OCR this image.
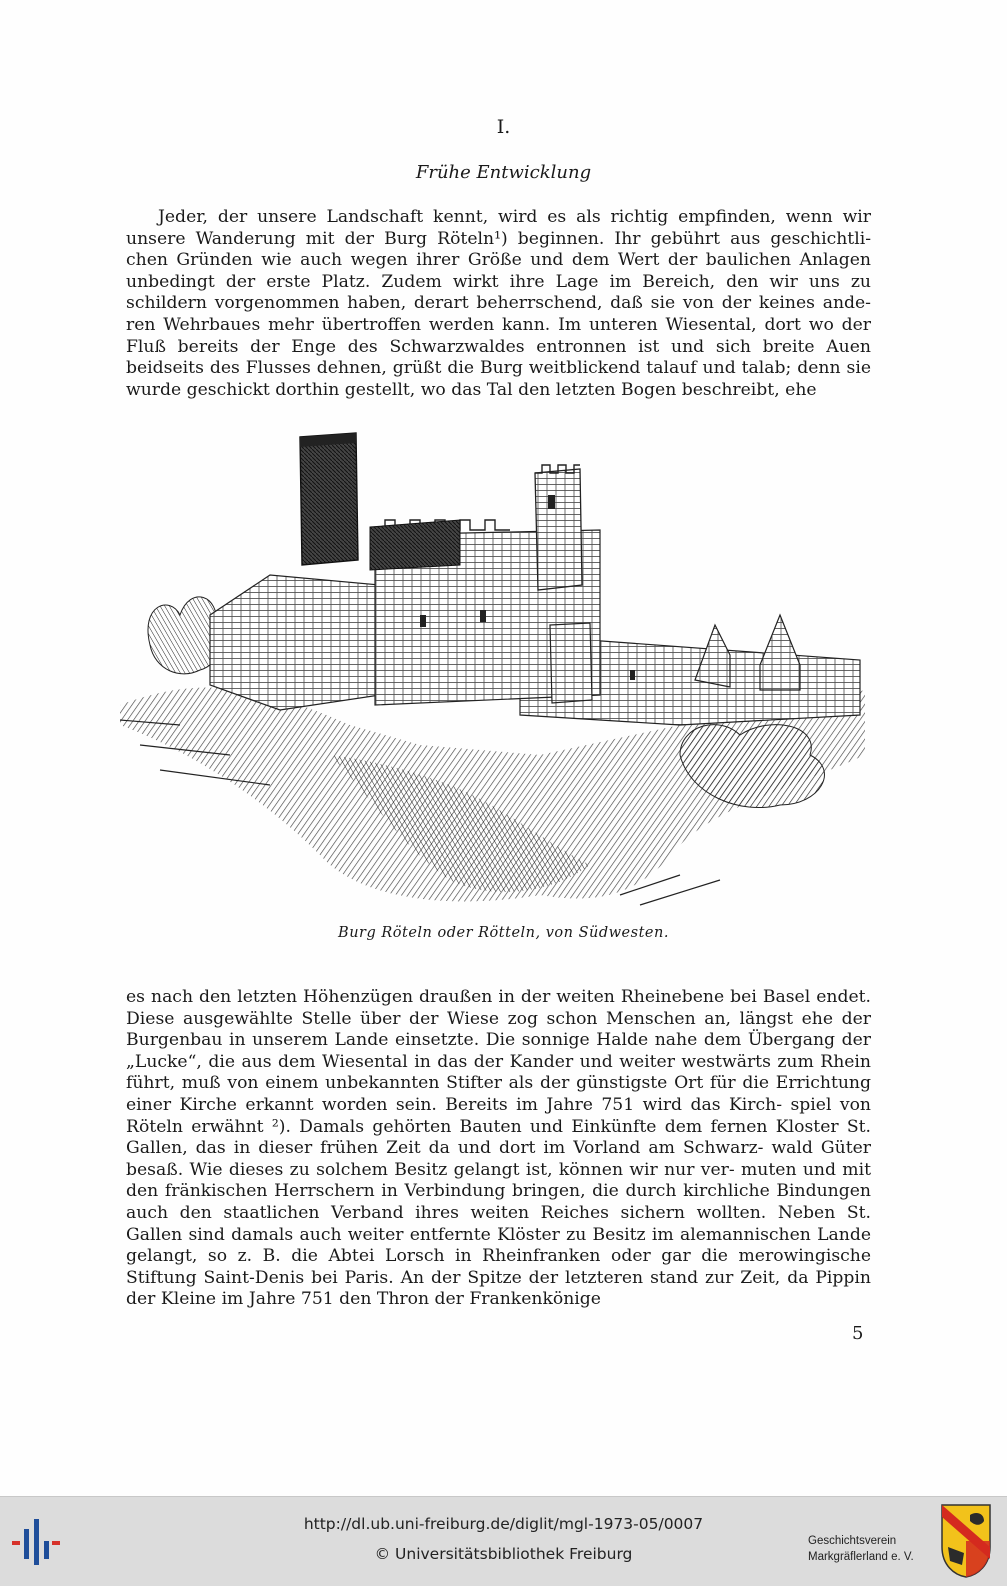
I.
Frühe Entwicklung

Jeder, der unsere Landschaft kennt, wird es als richtig empfinden, wenn wir unsere Wanderung mit der Burg Röteln¹) beginnen. Ihr gebührt aus geschichtli- chen Gründen wie auch wegen ihrer Größe und dem Wert der baulichen Anlagen unbedingt der erste Platz. Zudem wirkt ihre Lage im Bereich, den wir uns zu schildern vorgenommen haben, derart beherrschend, daß sie von der keines ande- ren Wehrbaues mehr übertroffen werden kann. Im unteren Wiesental, dort wo der Fluß bereits der Enge des Schwarzwaldes entronnen ist und sich breite Auen beidseits des Flusses dehnen, grüßt die Burg weitblickend talauf und talab; denn sie wurde geschickt dorthin gestellt, wo das Tal den letzten Bogen beschreibt, ehe

Burg Röteln oder Rötteln, von Südwesten.

es nach den letzten Höhenzügen draußen in der weiten Rheinebene bei Basel endet. Diese ausgewählte Stelle über der Wiese zog schon Menschen an, längst ehe der Burgenbau in unserem Lande einsetzte. Die sonnige Halde nahe dem Übergang der „Lucke“, die aus dem Wiesental in das der Kander und weiter westwärts zum Rhein führt, muß von einem unbekannten Stifter als der günstigste Ort für die Errichtung einer Kirche erkannt worden sein. Bereits im Jahre 751 wird das Kirch- spiel von Röteln erwähnt ²). Damals gehörten Bauten und Einkünfte dem fernen Kloster St. Gallen, das in dieser frühen Zeit da und dort im Vorland am Schwarz- wald Güter besaß. Wie dieses zu solchem Besitz gelangt ist, können wir nur ver- muten und mit den fränkischen Herrschern in Verbindung bringen, die durch kirchliche Bindungen auch den staatlichen Verband ihres weiten Reiches sichern wollten. Neben St. Gallen sind damals auch weiter entfernte Klöster zu Besitz im alemannischen Lande gelangt, so z. B. die Abtei Lorsch in Rheinfranken oder gar die merowingische Stiftung Saint-Denis bei Paris. An der Spitze der letzteren stand zur Zeit, da Pippin der Kleine im Jahre 751 den Thron der Frankenkönige

5
http://dl.ub.uni-freiburg.de/diglit/mgl-1973-05/0007
© Universitätsbibliothek Freiburg
Geschichtsverein
Markgräflerland e. V.
